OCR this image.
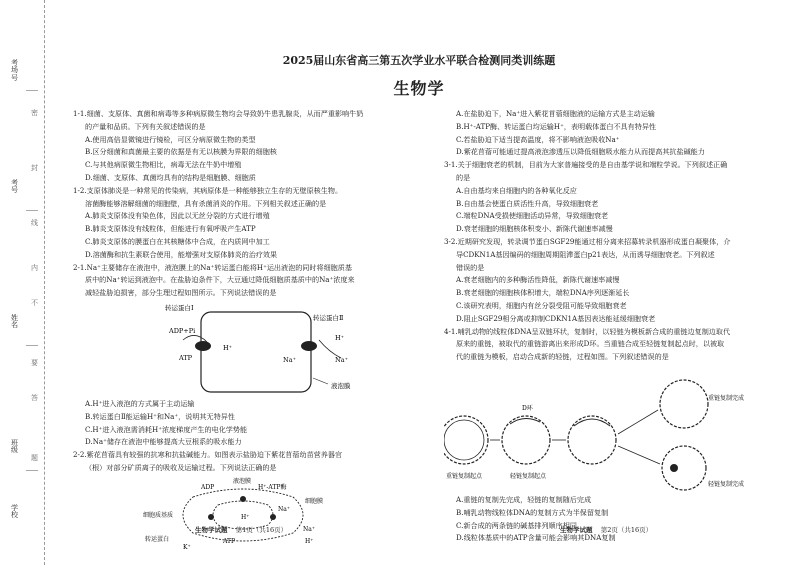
考场号
考号
姓名
班级
学校
密
封
线
内
不
要
答
题
2025届山东省高三第五次学业水平联合检测同类训练题
生物学

1-1.细菌、支原体、真菌和病毒等多种病原微生物均会导致奶牛患乳腺炎，从而严重影响牛奶

的产量和品质。下列有关叙述错误的是

A.使用高倍显微镜进行镜检，可区分病原微生物的类型

B.区分细菌和真菌最主要的依据是有无以核膜为界限的细胞核

C.与其他病原微生物相比，病毒无法在牛奶中增殖

D.细菌、支原体、真菌均具有的结构是细胞膜、细胞质

1-2.支原体肺炎是一种常见的传染病，其病原体是一种能够独立生存的无壁原核生物。

溶菌酶能够溶解细菌的细胞壁，具有杀菌消炎的作用。下列相关叙述正确的是

A.肺炎支原体没有染色体，因此以无丝分裂的方式进行增殖

B.肺炎支原体没有线粒体，但能进行有氧呼吸产生ATP

C.肺炎支原体的膜蛋白在其核糖体中合成，在内质网中加工

D.溶菌酶和抗生素联合使用，能增强对支原体肺炎的治疗效果

2-1.Na⁺主要储存在液泡中，液泡膜上的Na⁺转运蛋白能将H⁺运出液泡的同时将细胞质基

质中的Na⁺转运到液泡中。在盐胁迫条件下，大豆通过降低细胞质基质中的Na⁺浓度来

减轻盐胁迫损害，部分生理过程如图所示。下列说法错误的是

转运蛋白Ⅰ
ADP+Pi
ATP
转运蛋白Ⅱ
H⁺
Na⁺	Na⁺
H⁺
液泡膜

A.H⁺进入液泡的方式属于主动运输

B.转运蛋白Ⅱ能运输H⁺和Na⁺，说明其无特异性

C.H⁺进入液泡需消耗H⁺浓度梯度产生的电化学势能

D.Na⁺储存在液泡中能够提高大豆根系的吸水能力

2-2.紫花苜蓿具有较强的抗寒和抗盐碱能力。如图表示盐胁迫下紫花苜蓿幼苗营养器官

（根）对部分矿质离子的吸收及运输过程。下列说法正确的是

液泡膜
ADP	H⁺-ATP酶
H⁺
Na⁺
细胞质基质
转运蛋白
细胞膜
ATP
Na⁺
H⁺
K⁺

A.在盐胁迫下，Na⁺进入紫花苜蓿细胞液的运输方式是主动运输

B.H⁺-ATP酶、转运蛋白均运输H⁺，表明载体蛋白不具有特异性

C.若盐胁迫下适当提高温度，将不影响液泡吸收Na⁺

D.紫花苜蓿可能通过提高液泡渗透压以降低细胞吸水能力从而提高其抗盐碱能力

3-1.关于细胞衰老的机制，目前为大家普遍接受的是自由基学说和端粒学说。下列叙述正确

的是

A.自由基均来自细胞内的各种氧化反应

B.自由基会使蛋白质活性升高，导致细胞衰老

C.端粒DNA受损使细胞活动异常，导致细胞衰老

D.衰老细胞的细胞核体积变小、新陈代谢速率减慢

3-2.近期研究发现，转录调节蛋白SGF29能通过相分离来招募转录机器形成蛋白凝聚体，介

导CDKN1A基因编码的细胞周期阻滞蛋白p21表达，从而诱导细胞衰老。下列叙述

错误的是

A.衰老细胞内的多种酶活性降低，新陈代谢速率减慢

B.衰老细胞的细胞核体积增大，端粒DNA序列逐渐延长

C.该研究表明，细胞内有丝分裂受阻可能导致细胞衰老

D.阻止SGF29相分离或抑制CDKN1A基因表达能延缓细胞衰老

4-1.哺乳动物的线粒体DNA呈双链环状，复制时，以轻链为模板新合成的重链边复制边取代

原来的重链，被取代的重链游离出来形成D环。当重链合成至轻链复制起点时，以被取

代的重链为模板，启动合成新的轻链，过程如图。下列叙述错误的是

D环
重链复制起点	轻链复制起点
重链复制完成
轻链复制完成

A.重链的复制先完成，轻链的复制随后完成

B.哺乳动物线粒体DNA的复制方式为半保留复制

C.新合成的两条链的碱基排列顺序相同

D.线粒体基质中的ATP含量可能会影响其DNA复制

生物学试题 第1页（共16页）	生物学试题 第2页（共16页）
